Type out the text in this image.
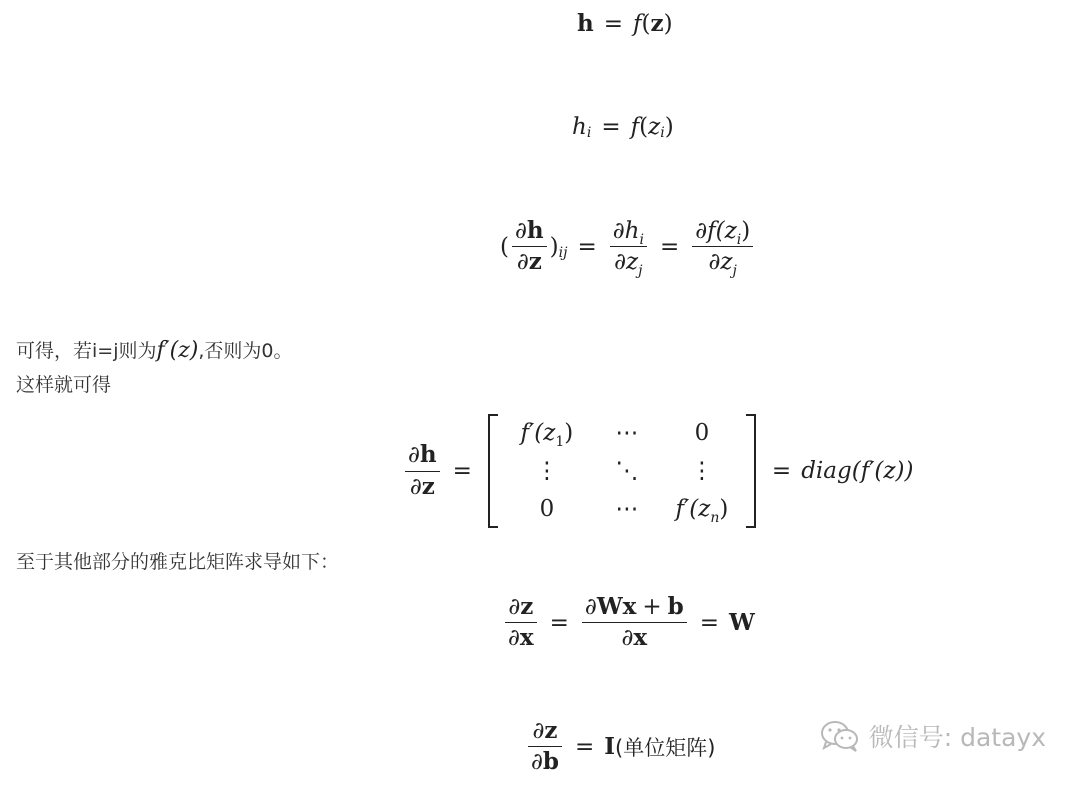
h = f ( z )
h i = f ( z i )
( $\frac{\partial h}{\partial z}$ ) ij = $\frac{\partial h_i}{\partial z_j} = \frac{\partial f(z_i)}{\partial z_j}$
可得，若i=j则为f′(z),否则为0。
这样就可得
$\frac{\partial h}{\partial z}$ =
$f'(z_1)$ ⋯ 0
⋮ ⋱ ⋮
0	⋯ $f'(z_n)$
= diag(f′(z))
至于其他部分的雅克比矩阵求导如下：
$\frac{\partial z}{\partial x} = \frac{\partial Wx + b}{\partial x} = W$
$\frac{\partial z}{\partial b} = I$ (单位矩阵)	微信号: datayx
